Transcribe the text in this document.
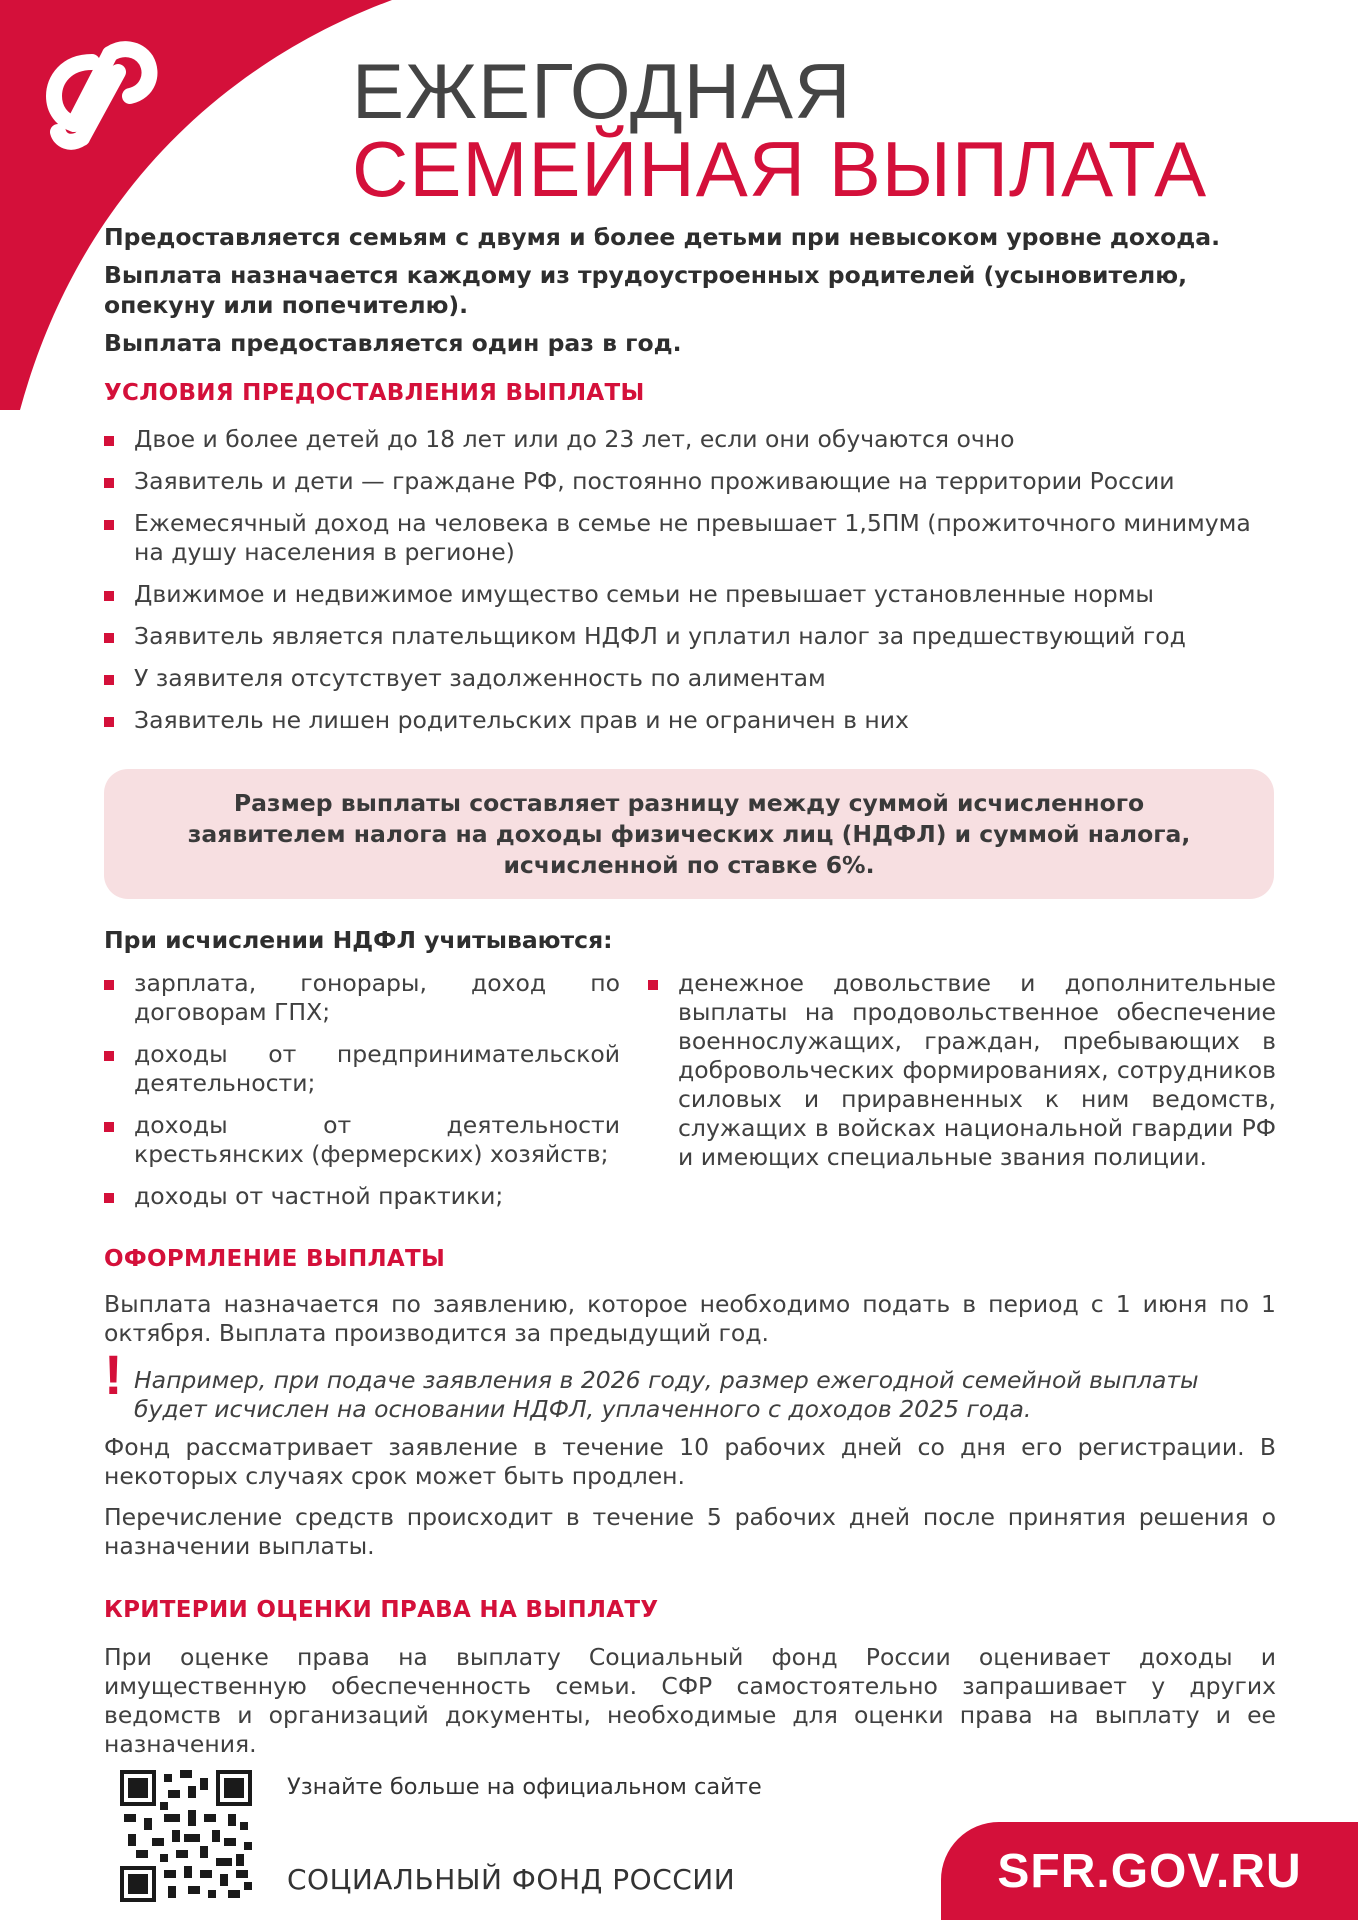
ЕЖЕГОДНАЯ
СЕМЕЙНАЯ ВЫПЛАТА

Предоставляется семьям с двумя и более детьми при невысоком уровне дохода.

Выплата назначается каждому из трудоустроенных родителей (усыновителю, опекуну или попечителю).

Выплата предоставляется один раз в год.

УСЛОВИЯ ПРЕДОСТАВЛЕНИЯ ВЫПЛАТЫ
Двое и более детей до 18 лет или до 23 лет, если они обучаются очно
Заявитель и дети — граждане РФ, постоянно проживающие на территории России
Ежемесячный доход на человека в семье не превышает 1,5ПМ (прожиточного минимума на душу населения в регионе)
Движимое и недвижимое имущество семьи не превышает установленные нормы
Заявитель является плательщиком НДФЛ и уплатил налог за предшествующий год
У заявителя отсутствует задолженность по алиментам
Заявитель не лишен родительских прав и не ограничен в них
Размер выплаты составляет разницу между суммой исчисленного заявителем налога на доходы физических лиц (НДФЛ) и суммой налога, исчисленной по ставке 6%.
При исчислении НДФЛ учитываются:
зарплата, гонорары, доход по договорам ГПХ;
доходы от предпринимательской деятельности;
доходы от деятельности крестьянских (фермерских) хозяйств;
доходы от частной практики;
денежное довольствие и дополнительные выплаты на продовольственное обеспечение военнослужащих, граждан, пребывающих в добровольческих формированиях, сотрудников силовых и приравненных к ним ведомств, служащих в войсках национальной гвардии РФ и имеющих специальные звания полиции.
ОФОРМЛЕНИЕ ВЫПЛАТЫ

Выплата назначается по заявлению, которое необходимо подать в период с 1 июня по 1 октября. Выплата производится за предыдущий год.

! Например, при подаче заявления в 2026 году, размер ежегодной семейной выплаты будет исчислен на основании НДФЛ, уплаченного с доходов 2025 года.

Фонд рассматривает заявление в течение 10 рабочих дней со дня его регистрации. В некоторых случаях срок может быть продлен.

Перечисление средств происходит в течение 5 рабочих дней после принятия решения о назначении выплаты.

КРИТЕРИИ ОЦЕНКИ ПРАВА НА ВЫПЛАТУ

При оценке права на выплату Социальный фонд России оценивает доходы и имущественную обеспеченность семьи. СФР самостоятельно запрашивает у других ведомств и организаций документы, необходимые для оценки права на выплату и ее назначения.

Узнайте больше на официальном сайте
СОЦИАЛЬНЫЙ ФОНД РОССИИ	SFR.GOV.RU
